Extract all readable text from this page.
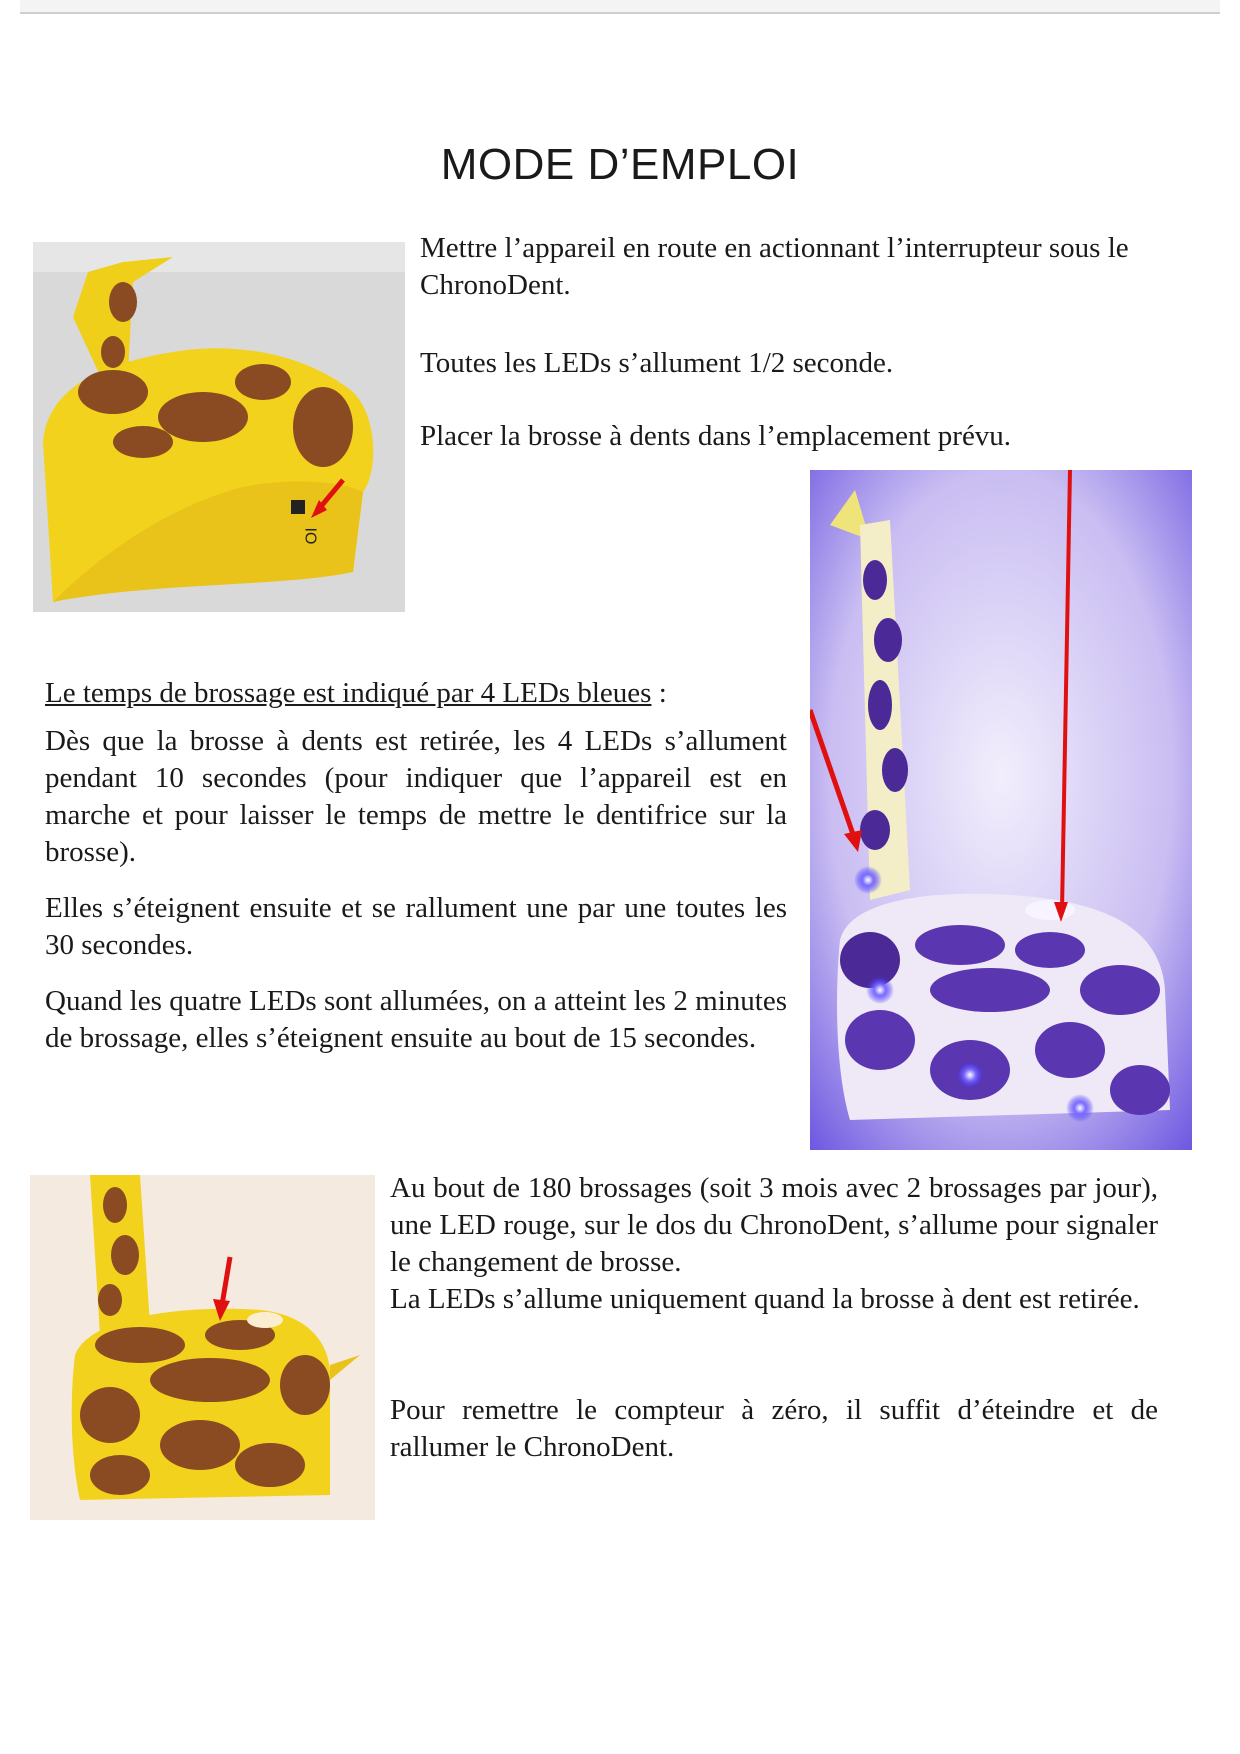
MODE D’EMPLOI
IO

Mettre l’appareil en route en actionnant l’interrupteur sous le ChronoDent.

Toutes les LEDs s’allument 1/2 seconde.

Placer la brosse à dents dans l’emplacement prévu.

Le temps de brossage est indiqué par 4 LEDs bleues :

Dès que la brosse à dents est retirée, les 4 LEDs s’allument pendant 10 secondes (pour indiquer que l’appareil est en marche et pour laisser le temps de mettre le dentifrice sur la brosse).

Elles s’éteignent ensuite et se rallument une par une toutes les 30 secondes.

Quand les quatre LEDs sont allumées, on a atteint les 2 minutes de brossage, elles s’éteignent ensuite au bout de 15 secondes.

Au bout de 180 brossages (soit 3 mois avec 2 brossages par jour), une LED rouge, sur le dos du ChronoDent, s’allume pour signaler le changement de brosse.

La LEDs s’allume uniquement quand la brosse à dent est retirée.

Pour remettre le compteur à zéro, il suffit d’éteindre et de rallumer le ChronoDent.
